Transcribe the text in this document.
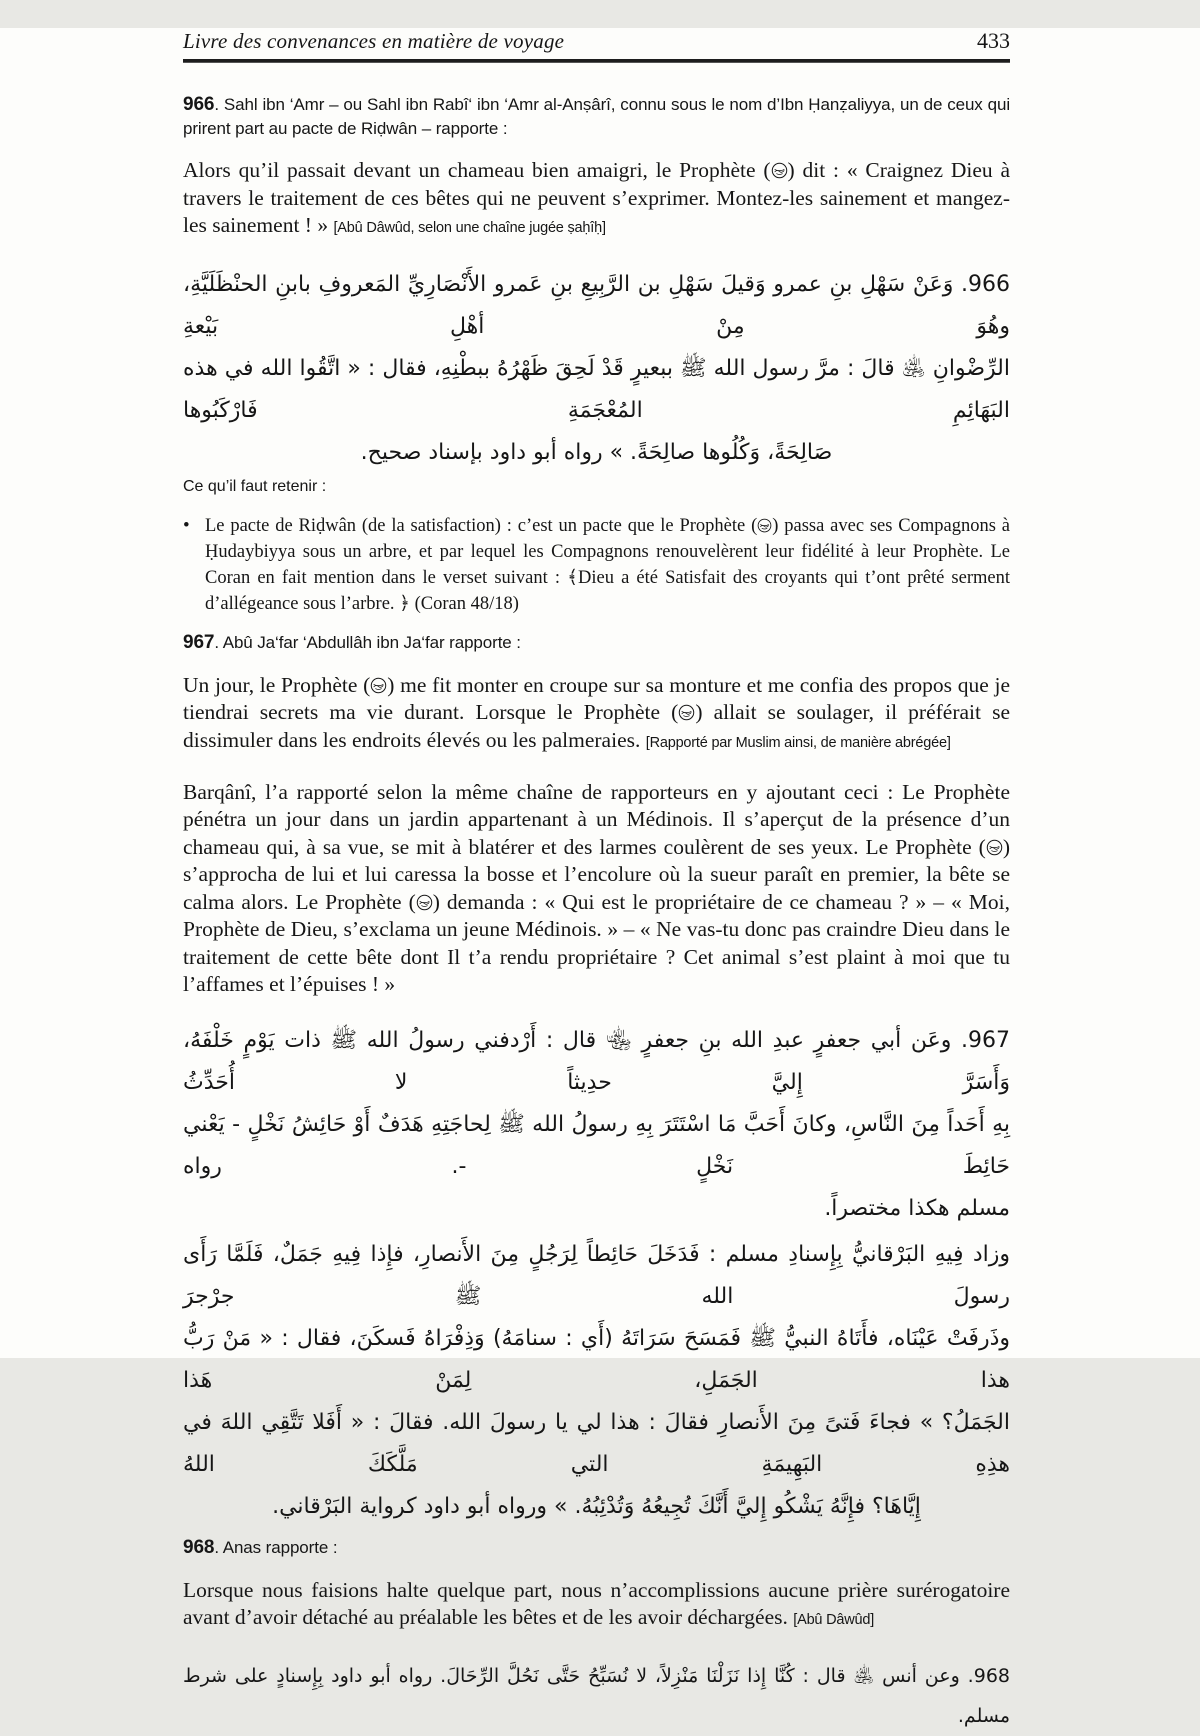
Livre des convenances en matière de voyage	433

966. Sahl ibn ‘Amr – ou Sahl ibn Rabî‘ ibn ‘Amr al-Anṣârî, connu sous le nom d’Ibn Ḥanẓaliyya, un de ceux qui prirent part au pacte de Riḍwân – rapporte :

Alors qu’il passait devant un chameau bien amaigri, le Prophète ( ) dit : « Craignez Dieu à travers le traitement de ces bêtes qui ne peuvent s’exprimer. Montez-les sainement et mangez-les sainement ! » [Abû Dâwûd, selon une chaîne jugée ṣaḥîḥ]

966. وَعَنْ سَهْلِ بنِ عمرو وَقيلَ سَهْلِ بن الرَّبِيعِ بنِ عَمرو الأَنْصَارِيِّ المَعروفِ بابنِ الحنْظَلَيَّةِ، وهُوَ مِنْ أهْلِ بَيْعةِ
الرِّضْوانِ ﵁ قالَ : مرَّ رسول الله ﷺ ببعيرٍ قَدْ لَحِقَ ظَهْرُهُ ببطْنِهِ، فقال : « اتَّقُوا الله في هذه البَهَائِمِ المُعْجَمَةِ فَارْكَبُوها
صَالِحَةً، وَكُلُوها صالِحَةً. » رواه أبو داود بإسناد صحيح.

Ce qu’il faut retenir :

• Le pacte de Riḍwân (de la satisfaction) : c’est un pacte que le Prophète ( ) passa avec ses Compagnons à Ḥudaybiyya sous un arbre, et par lequel les Compagnons renouvelèrent leur fidélité à leur Prophète. Le Coran en fait mention dans le verset suivant : ﴾Dieu a été Satisfait des croyants qui t’ont prêté serment d’allégeance sous l’arbre. ﴿ (Coran 48/18)

967. Abû Ja‘far ‘Abdullâh ibn Ja‘far rapporte :

Un jour, le Prophète ( ) me fit monter en croupe sur sa monture et me confia des propos que je tiendrai secrets ma vie durant. Lorsque le Prophète ( ) allait se soulager, il préférait se dissimuler dans les endroits élevés ou les palmeraies. [Rapporté par Muslim ainsi, de manière abrégée]

Barqânî, l’a rapporté selon la même chaîne de rapporteurs en y ajoutant ceci : Le Prophète pénétra un jour dans un jardin appartenant à un Médinois. Il s’aperçut de la présence d’un chameau qui, à sa vue, se mit à blatérer et des larmes coulèrent de ses yeux. Le Prophète ( ) s’approcha de lui et lui caressa la bosse et l’encolure où la sueur paraît en premier, la bête se calma alors. Le Prophète ( ) demanda : « Qui est le propriétaire de ce chameau ? » – « Moi, Prophète de Dieu, s’exclama un jeune Médinois. » – « Ne vas-tu donc pas craindre Dieu dans le traitement de cette bête dont Il t’a rendu propriétaire ? Cet animal s’est plaint à moi que tu l’affames et l’épuises ! »

967. وعَن أبي جعفرٍ عبدِ الله بنِ جعفرٍ ﵄ قال : أَرْدفني رسولُ الله ﷺ ذات يَوْمٍ خَلْفَهُ، وَأَسَرَّ إِليَّ حدِيثاً لا أُحَدِّثُ
بِهِ أَحَداً مِنَ النَّاسِ، وكانَ أَحَبَّ مَا اسْتَتَرَ بِهِ رسولُ الله ﷺ لِحاجَتِهِ هَدَفٌ أَوْ حَائِشُ نَخْلٍ - يَعْني حَائِطَ نَخْلٍ -. رواه
مسلم هكذا مختصراً.
وزاد فِيهِ البَرْقانيُّ بِإِسنادِ مسلم : فَدَخَلَ حَائِطاً لِرَجُلٍ مِنَ الأَنصارِ، فإِذا فِيهِ جَمَلٌ، فَلَمَّا رَأَى رسولَ الله ﷺ جرْجرَ
وذَرفَتْ عَيْنَاه، فأَتَاهُ النبيُّ ﷺ فَمَسَحَ سَرَاتَهُ (أَي : سنامَهُ) وَذِفْرَاهُ فَسكَنَ، فقال : « مَنْ رَبُّ هذا الجَمَلِ، لِمَنْ هَذا
الجَمَلُ؟ » فجاءَ فَتىً مِنَ الأَنصارِ فقالَ : هذا لي يا رسولَ الله. فقالَ : « أَفَلا تَتَّقِي اللهَ في هذِهِ البَهِيمَةِ التي مَلَّكَكَ اللهُ
إِيَّاهَا؟ فإِنَّهُ يَشْكُو إِليَّ أَنَّكَ تُجِيعُهُ وَتُدْئِبُهُ. » ورواه أبو داود كرواية البَرْقاني.

968. Anas rapporte :

Lorsque nous faisions halte quelque part, nous n’accomplissions aucune prière surérogatoire avant d’avoir détaché au préalable les bêtes et de les avoir déchargées. [Abû Dâwûd]

968. وعن أنس ﵁ قال : كُنَّا إِذا نَزَلْنَا مَنْزِلاً، لا نُسَبِّحُ حَتَّى نَحُلَّ الرِّحَالَ. رواه أبو داود بِإِسنادٍ على شرط مسلم.
